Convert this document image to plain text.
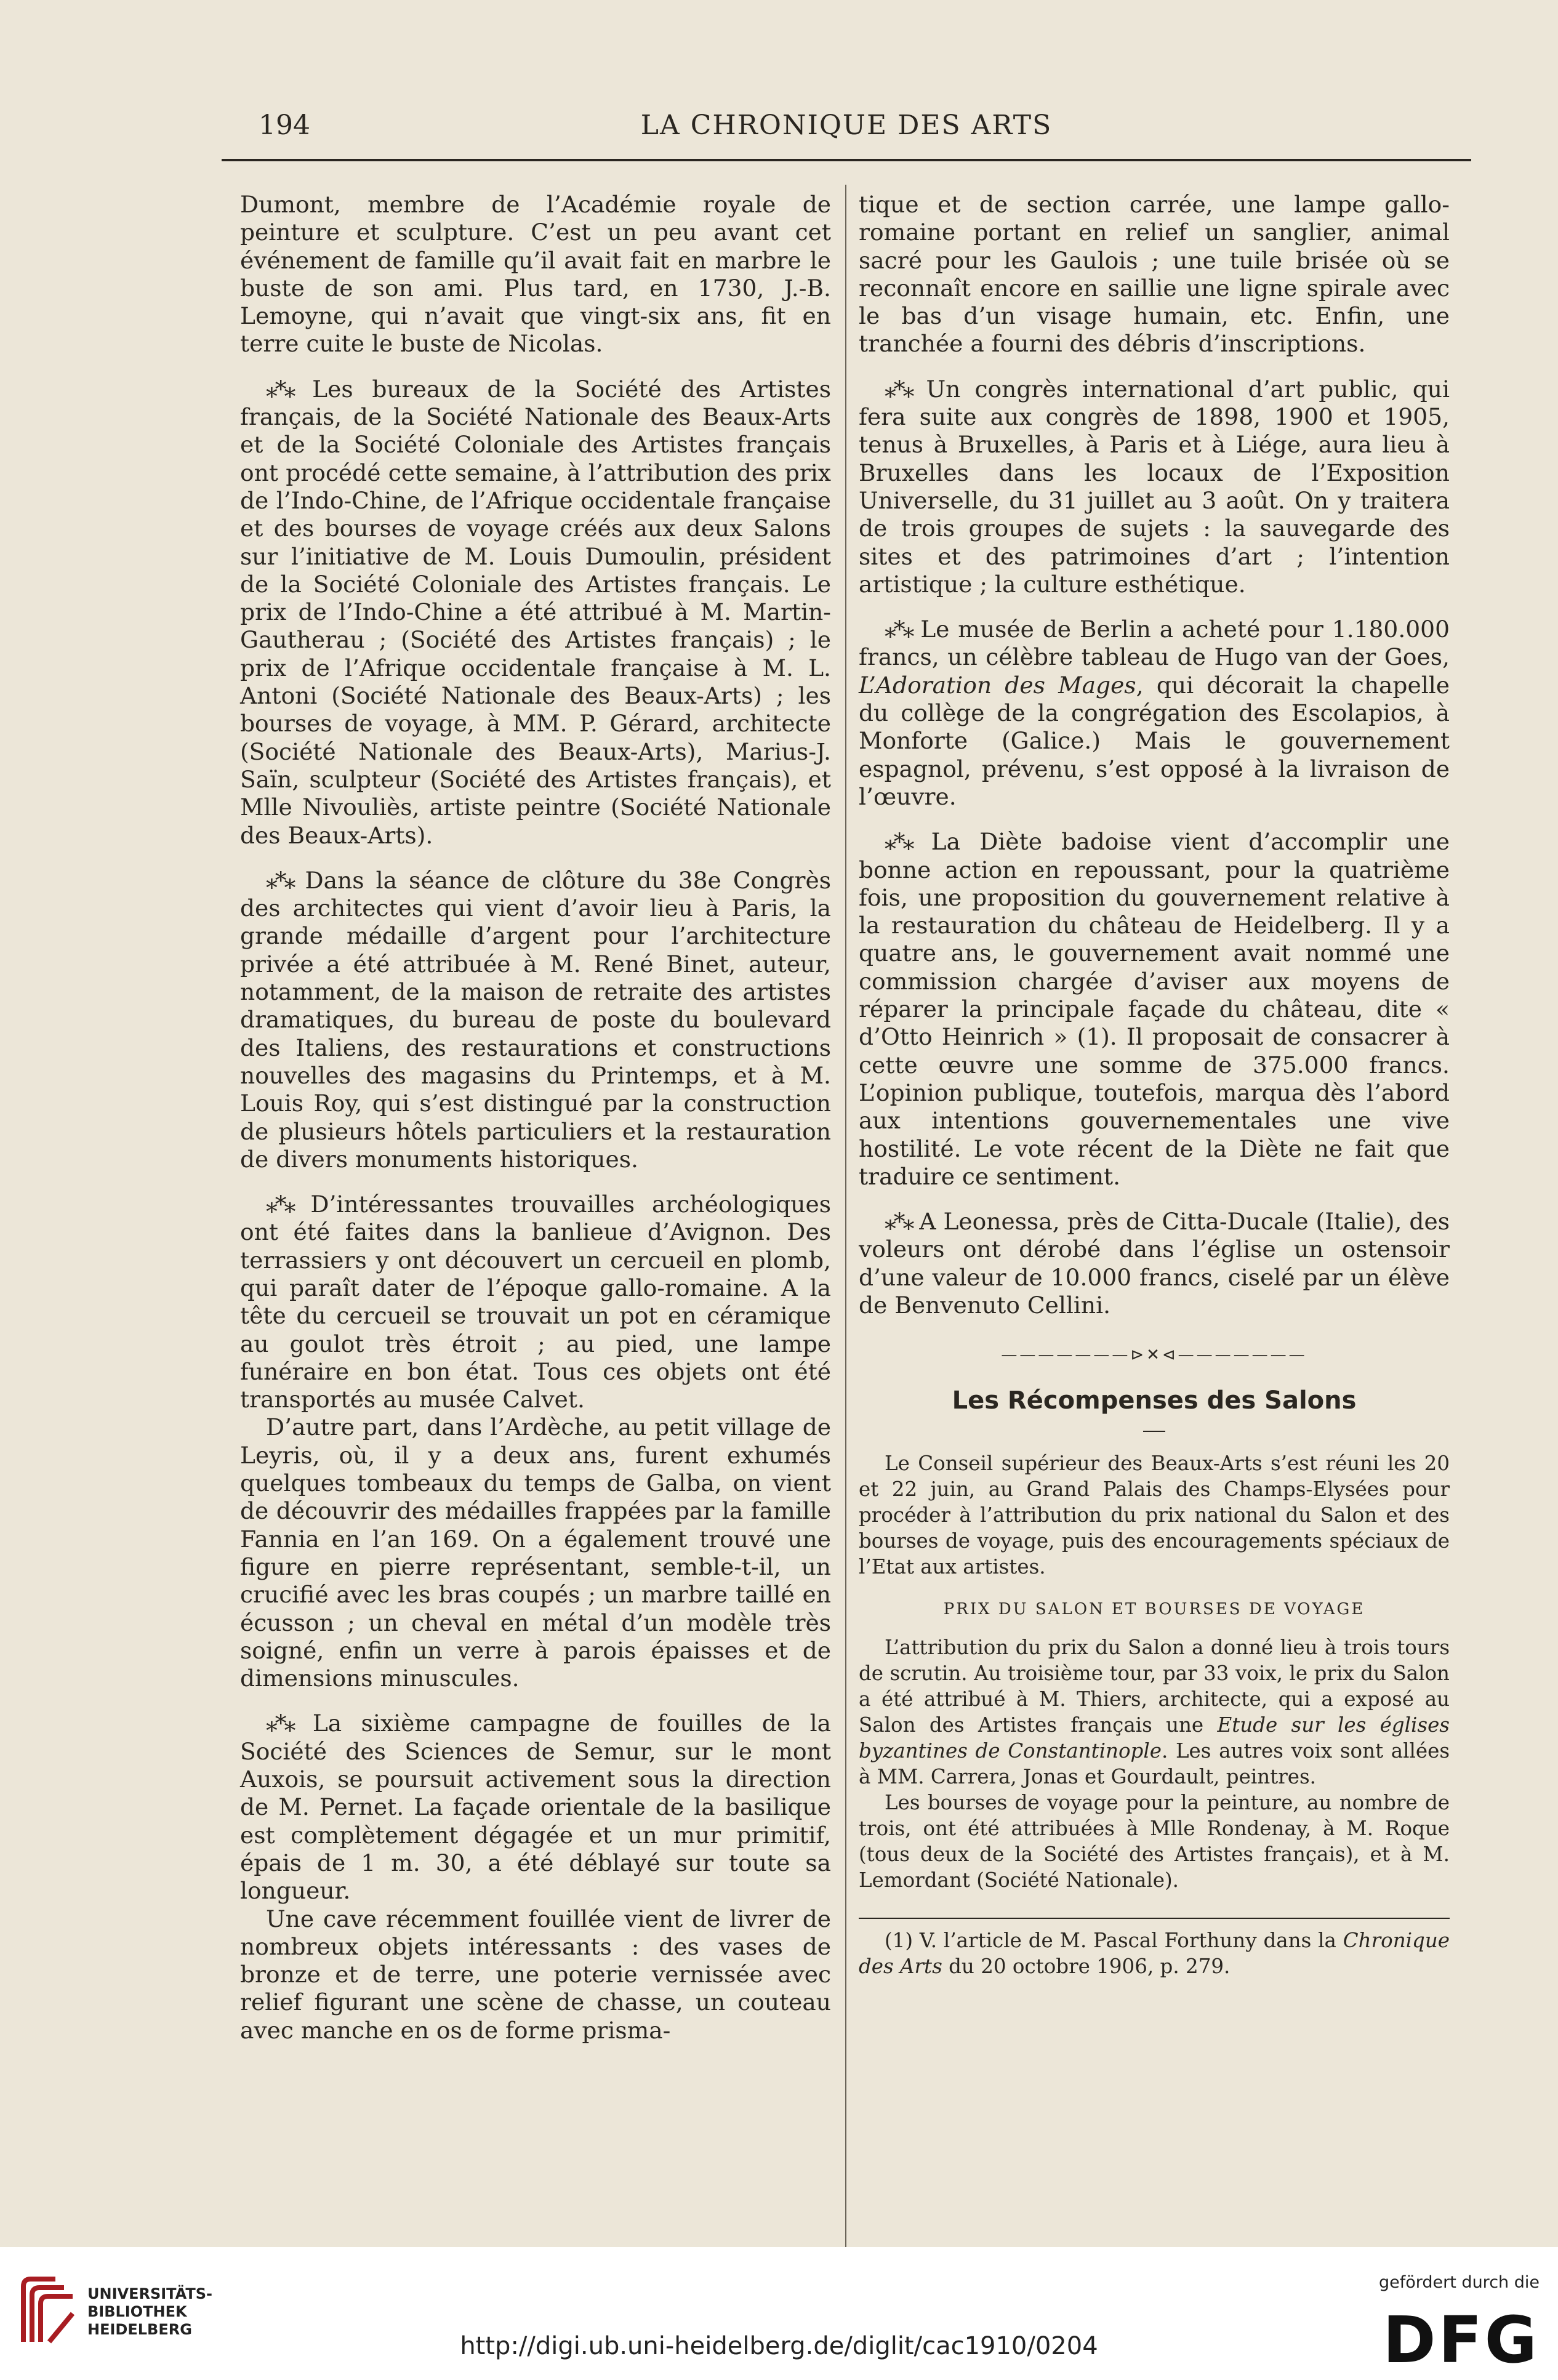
194	LA CHRONIQUE DES ARTS

Dumont, membre de l’Académie royale de peinture et sculpture. C’est un peu avant cet événement de famille qu’il avait fait en marbre le buste de son ami. Plus tard, en 1730, J.-B. Lemoyne, qui n’avait que vingt-six ans, fit en terre cuite le buste de Nicolas.

⁎*⁎ Les bureaux de la Société des Artistes français, de la Société Nationale des Beaux-Arts et de la Société Coloniale des Artistes français ont procédé cette semaine, à l’attribution des prix de l’Indo-Chine, de l’Afrique occidentale française et des bourses de voyage créés aux deux Salons sur l’initiative de M. Louis Dumoulin, président de la Société Coloniale des Artistes français. Le prix de l’Indo-Chine a été attribué à M. Martin-Gautherau ; (Société des Artistes français) ; le prix de l’Afrique occidentale française à M. L. Antoni (Société Nationale des Beaux-Arts) ; les bourses de voyage, à MM. P. Gérard, architecte (Société Nationale des Beaux-Arts), Marius-J. Saïn, sculpteur (Société des Artistes français), et Mlle Nivouliès, artiste peintre (Société Nationale des Beaux-Arts).

⁎*⁎ Dans la séance de clôture du 38e Congrès des architectes qui vient d’avoir lieu à Paris, la grande médaille d’argent pour l’architecture privée a été attribuée à M. René Binet, auteur, notamment, de la maison de retraite des artistes dramatiques, du bureau de poste du boulevard des Italiens, des restaurations et constructions nouvelles des magasins du Printemps, et à M. Louis Roy, qui s’est distingué par la construction de plusieurs hôtels particuliers et la restauration de divers monuments historiques.

⁎*⁎ D’intéressantes trouvailles archéologiques ont été faites dans la banlieue d’Avignon. Des terrassiers y ont découvert un cercueil en plomb, qui paraît dater de l’époque gallo-romaine. A la tête du cercueil se trouvait un pot en céramique au goulot très étroit ; au pied, une lampe funéraire en bon état. Tous ces objets ont été transportés au musée Calvet.

D’autre part, dans l’Ardèche, au petit village de Leyris, où, il y a deux ans, furent exhumés quelques tombeaux du temps de Galba, on vient de découvrir des médailles frappées par la famille Fannia en l’an 169. On a également trouvé une figure en pierre représentant, semble-t-il, un crucifié avec les bras coupés ; un marbre taillé en écusson ; un cheval en métal d’un modèle très soigné, enfin un verre à parois épaisses et de dimensions minuscules.

⁎*⁎ La sixième campagne de fouilles de la Société des Sciences de Semur, sur le mont Auxois, se poursuit activement sous la direction de M. Pernet. La façade orientale de la basilique est complètement dégagée et un mur primitif, épais de 1 m. 30, a été déblayé sur toute sa longueur.

Une cave récemment fouillée vient de livrer de nombreux objets intéressants : des vases de bronze et de terre, une poterie vernissée avec relief figurant une scène de chasse, un couteau avec manche en os de forme prisma-

tique et de section carrée, une lampe gallo-romaine portant en relief un sanglier, animal sacré pour les Gaulois ; une tuile brisée où se reconnaît encore en saillie une ligne spirale avec le bas d’un visage humain, etc. Enfin, une tranchée a fourni des débris d’inscriptions.

⁎*⁎ Un congrès international d’art public, qui fera suite aux congrès de 1898, 1900 et 1905, tenus à Bruxelles, à Paris et à Liége, aura lieu à Bruxelles dans les locaux de l’Exposition Universelle, du 31 juillet au 3 août. On y traitera de trois groupes de sujets : la sauvegarde des sites et des patrimoines d’art ; l’intention artistique ; la culture esthétique.

⁎*⁎ Le musée de Berlin a acheté pour 1.180.000 francs, un célèbre tableau de Hugo van der Goes, L’Adoration des Mages, qui décorait la chapelle du collège de la congrégation des Escolapios, à Monforte (Galice.) Mais le gouvernement espagnol, prévenu, s’est opposé à la livraison de l’œuvre.

⁎*⁎ La Diète badoise vient d’accomplir une bonne action en repoussant, pour la quatrième fois, une proposition du gouvernement relative à la restauration du château de Heidelberg. Il y a quatre ans, le gouvernement avait nommé une commission chargée d’aviser aux moyens de réparer la principale façade du château, dite « d’Otto Heinrich » (1). Il proposait de consacrer à cette œuvre une somme de 375.000 francs. L’opinion publique, toutefois, marqua dès l’abord aux intentions gouvernementales une vive hostilité. Le vote récent de la Diète ne fait que traduire ce sentiment.

⁎*⁎ A Leonessa, près de Citta-Ducale (Italie), des voleurs ont dérobé dans l’église un ostensoir d’une valeur de 10.000 francs, ciselé par un élève de Benvenuto Cellini.

———————⊳✕⊲———————
Les Récompenses des Salons

Le Conseil supérieur des Beaux-Arts s’est réuni les 20 et 22 juin, au Grand Palais des Champs-Elysées pour procéder à l’attribution du prix national du Salon et des bourses de voyage, puis des encouragements spéciaux de l’Etat aux artistes.

PRIX DU SALON ET BOURSES DE VOYAGE

L’attribution du prix du Salon a donné lieu à trois tours de scrutin. Au troisième tour, par 33 voix, le prix du Salon a été attribué à M. Thiers, architecte, qui a exposé au Salon des Artistes français une Etude sur les églises byzantines de Constantinople. Les autres voix sont allées à MM. Carrera, Jonas et Gourdault, peintres.

Les bourses de voyage pour la peinture, au nombre de trois, ont été attribuées à Mlle Rondenay, à M. Roque (tous deux de la Société des Artistes français), et à M. Lemordant (Société Nationale).

(1) V. l’article de M. Pascal Forthuny dans la Chronique des Arts du 20 octobre 1906, p. 279.

UNIVERSITÄTS-
BIBLIOTHEK
HEIDELBERG
http://digi.ub.uni-heidelberg.de/diglit/cac1910/0204
gefördert durch die
DFG
